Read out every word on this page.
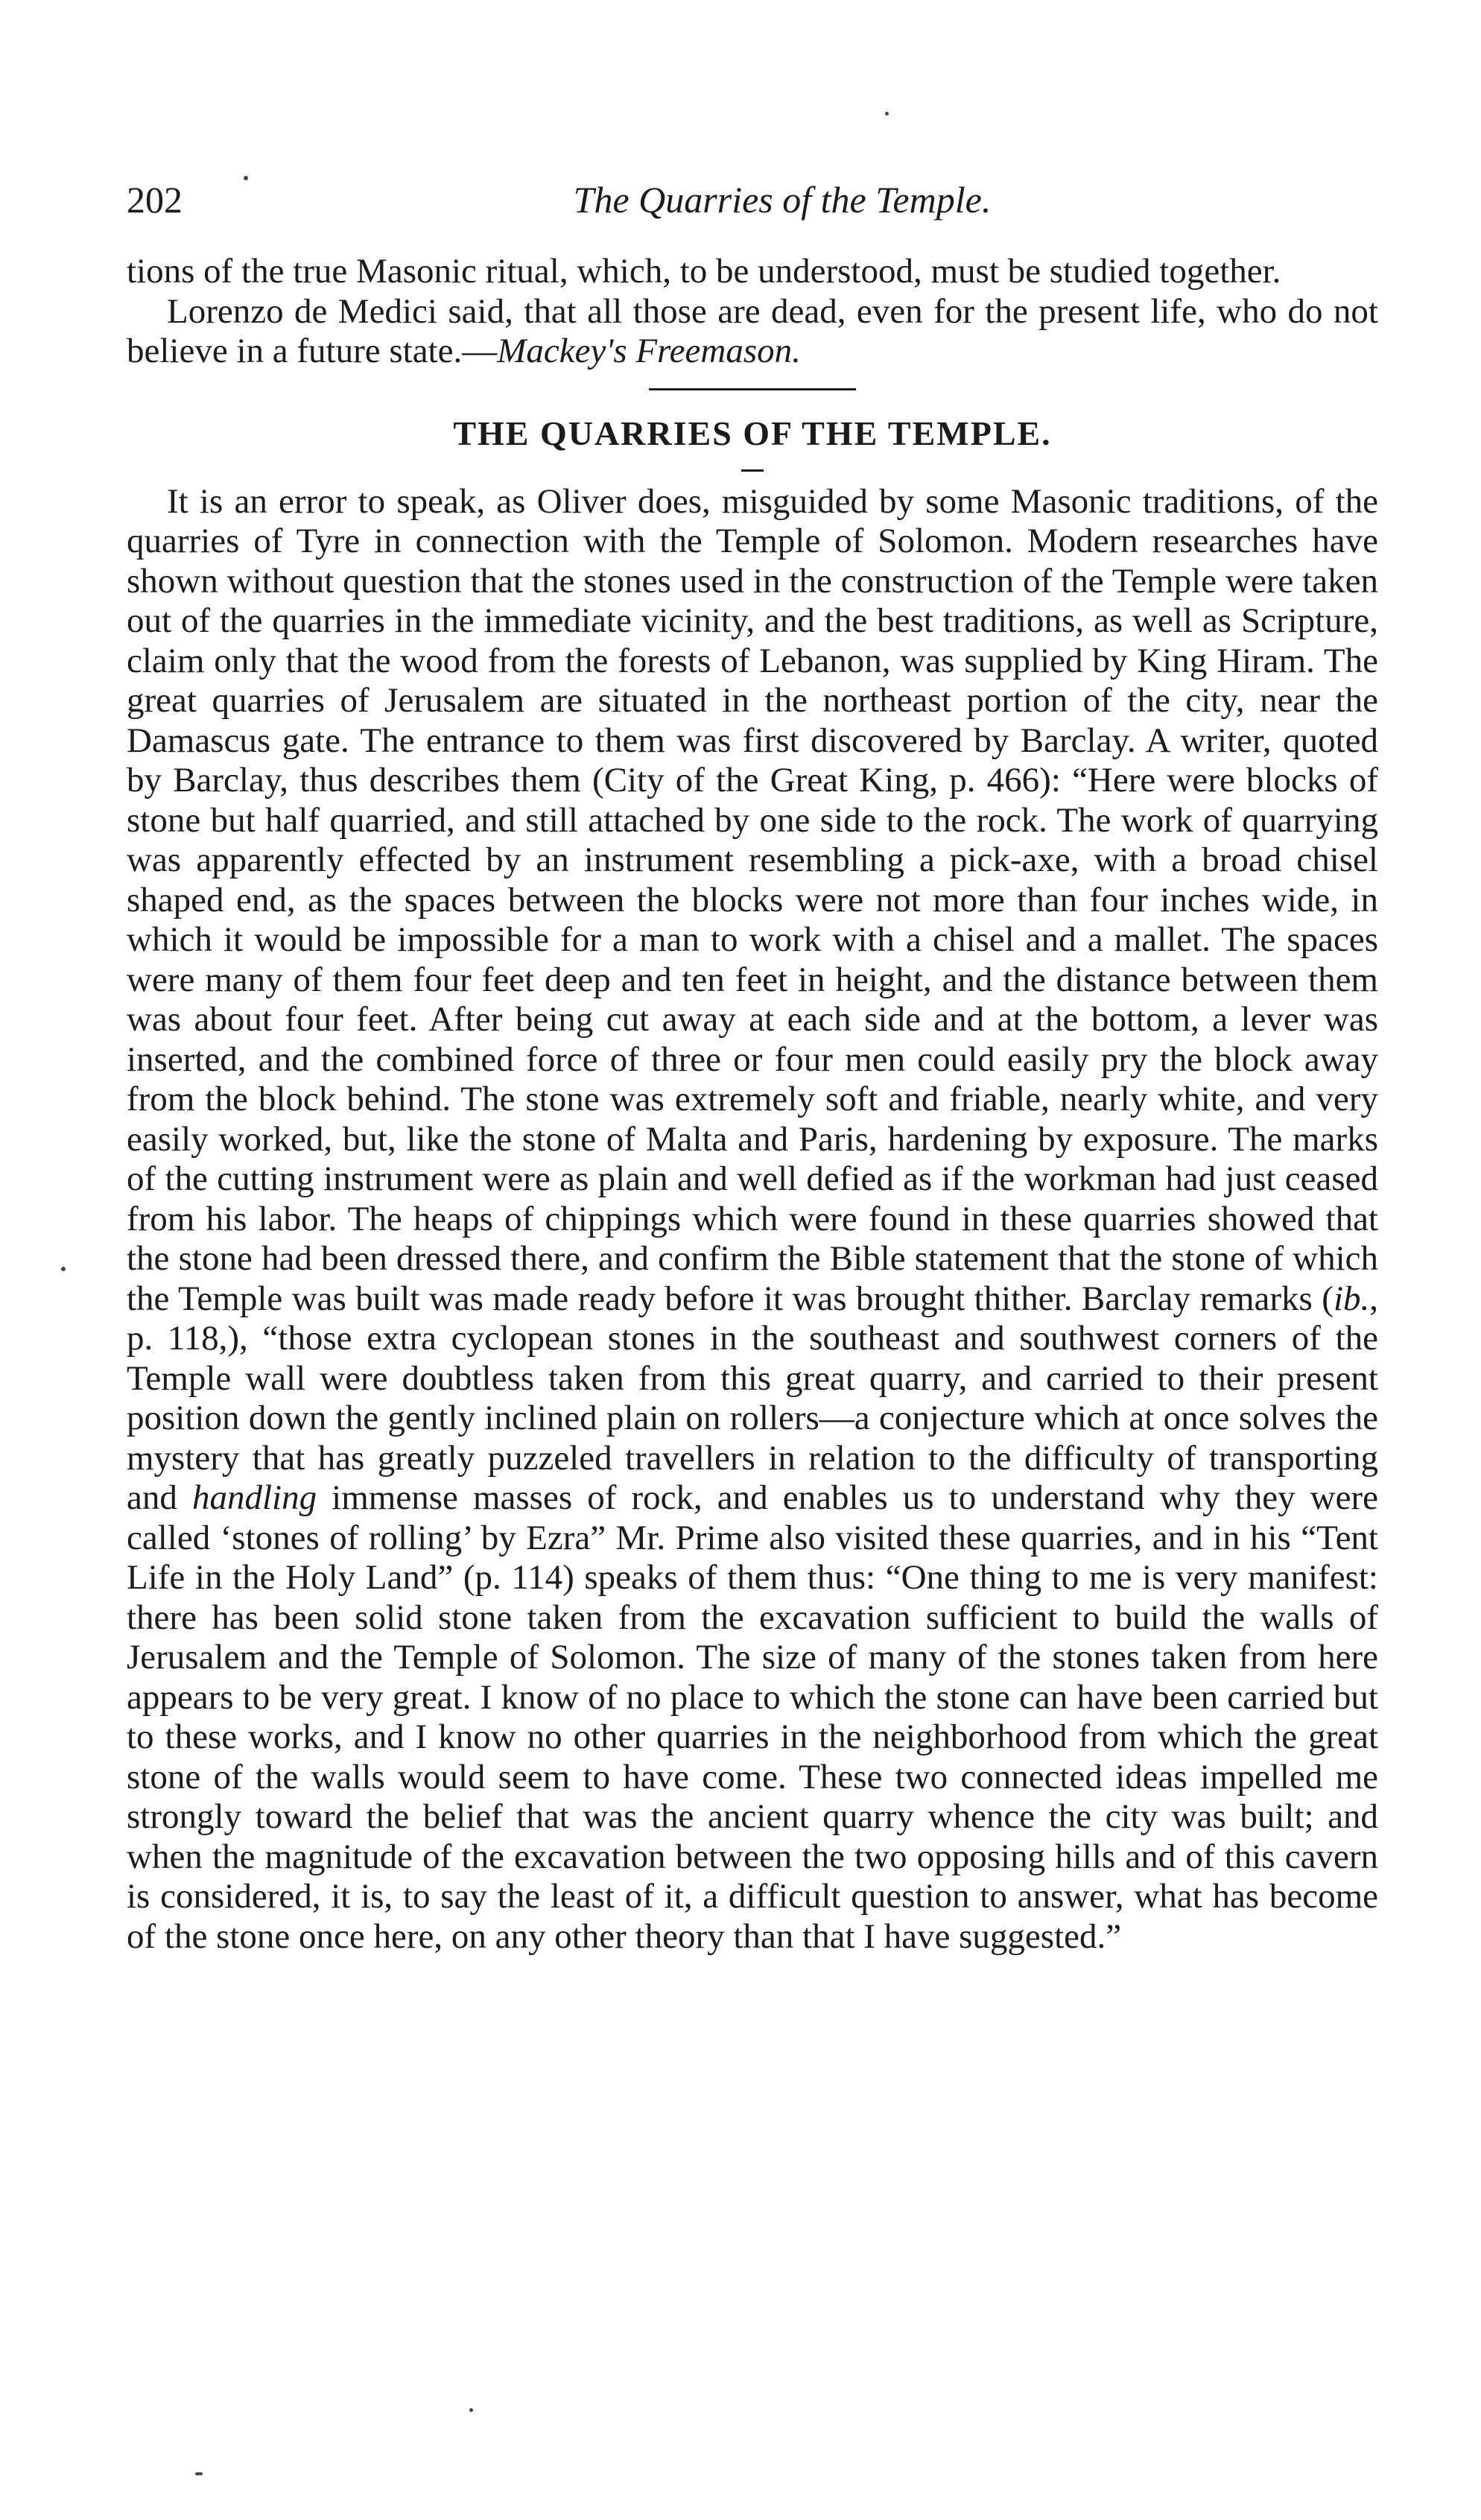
202	The Quarries of the Temple.

tions of the true Masonic ritual, which, to be understood, must be studied together.

Lorenzo de Medici said, that all those are dead, even for the present life, who do not believe in a future state.—Mackey's Freemason.

THE QUARRIES OF THE TEMPLE.

It is an error to speak, as Oliver does, misguided by some Masonic traditions, of the quarries of Tyre in connection with the Temple of Solomon. Modern researches have shown without question that the stones used in the construction of the Temple were taken out of the quarries in the immediate vicinity, and the best traditions, as well as Scripture, claim only that the wood from the forests of Lebanon, was supplied by King Hiram. The great quarries of Jerusalem are situated in the northeast portion of the city, near the Damascus gate. The entrance to them was first discovered by Barclay. A writer, quoted by Barclay, thus describes them (City of the Great King, p. 466): “Here were blocks of stone but half quarried, and still attached by one side to the rock. The work of quarrying was apparently effected by an instrument resembling a pick-axe, with a broad chisel shaped end, as the spaces between the blocks were not more than four inches wide, in which it would be impossible for a man to work with a chisel and a mallet. The spaces were many of them four feet deep and ten feet in height, and the distance between them was about four feet. After being cut away at each side and at the bottom, a lever was inserted, and the combined force of three or four men could easily pry the block away from the block behind. The stone was extremely soft and friable, nearly white, and very easily worked, but, like the stone of Malta and Paris, hardening by exposure. The marks of the cutting instrument were as plain and well defied as if the workman had just ceased from his labor. The heaps of chippings which were found in these quarries showed that the stone had been dressed there, and confirm the Bible statement that the stone of which the Temple was built was made ready before it was brought thither. Barclay remarks (ib., p. 118,), “those extra cyclopean stones in the southeast and southwest corners of the Temple wall were doubtless taken from this great quarry, and carried to their present position down the gently inclined plain on rollers—a conjecture which at once solves the mystery that has greatly puzzeled travellers in relation to the difficulty of transporting and handling immense masses of rock, and enables us to understand why they were called ‘stones of rolling’ by Ezra” Mr. Prime also visited these quarries, and in his “Tent Life in the Holy Land” (p. 114) speaks of them thus: “One thing to me is very manifest: there has been solid stone taken from the excavation sufficient to build the walls of Jerusalem and the Temple of Solomon. The size of many of the stones taken from here appears to be very great. I know of no place to which the stone can have been carried but to these works, and I know no other quarries in the neighborhood from which the great stone of the walls would seem to have come. These two connected ideas impelled me strongly toward the belief that was the ancient quarry whence the city was built; and when the magnitude of the excavation between the two opposing hills and of this cavern is considered, it is, to say the least of it, a difficult question to answer, what has become of the stone once here, on any other theory than that I have suggested.”
